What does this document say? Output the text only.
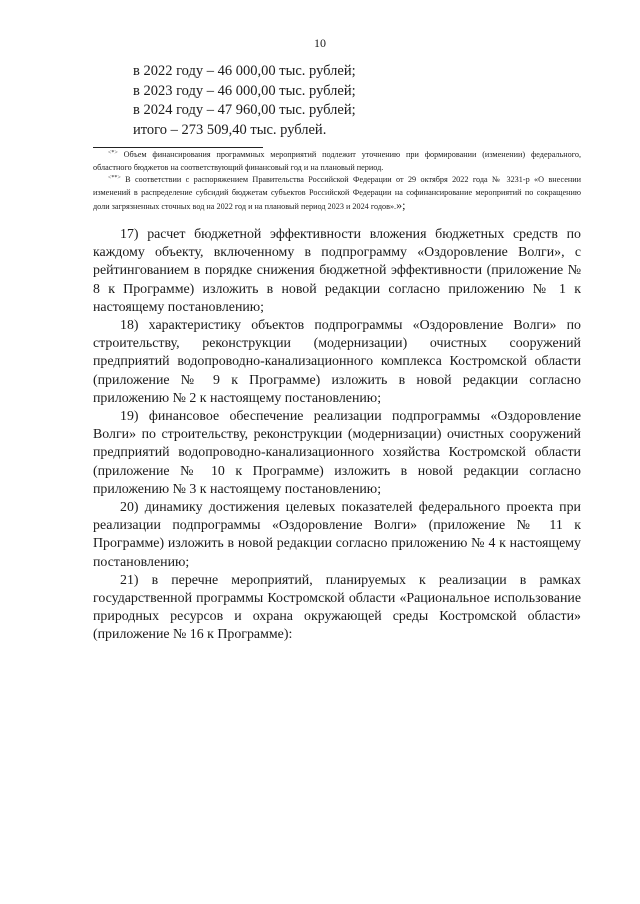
10
в 2022 году – 46 000,00 тыс. рублей;
в 2023 году – 46 000,00 тыс. рублей;
в 2024 году – 47 960,00 тыс. рублей;
итого – 273 509,40 тыс. рублей.

<*> Объем финансирования программных мероприятий подлежит уточнению при формировании (изменении) федерального, областного бюджетов на соответствующий финансовый год и на плановый период.

<**> В соответствии с распоряжением Правительства Российской Федерации от 29 октября 2022 года № 3231-р «О внесении изменений в распределение субсидий бюджетам субъектов Российской Федерации на софинансирование мероприятий по сокращению доли загрязненных сточных вод на 2022 год и на плановый период 2023 и 2024 годов».»;

17) расчет бюджетной эффективности вложения бюджетных средств по каждому объекту, включенному в подпрограмму «Оздоровление Волги», с рейтингованием в порядке снижения бюджетной эффективности (приложение № 8 к Программе) изложить в новой редакции согласно приложению № 1 к настоящему постановлению;

18) характеристику объектов подпрограммы «Оздоровление Волги» по строительству, реконструкции (модернизации) очистных сооружений предприятий водопроводно-канализационного комплекса Костромской области (приложение № 9 к Программе) изложить в новой редакции согласно приложению № 2 к настоящему постановлению;

19) финансовое обеспечение реализации подпрограммы «Оздоровление Волги» по строительству, реконструкции (модернизации) очистных сооружений предприятий водопроводно-канализационного хозяйства Костромской области (приложение № 10 к Программе) изложить в новой редакции согласно приложению № 3 к настоящему постановлению;

20) динамику достижения целевых показателей федерального проекта при реализации подпрограммы «Оздоровление Волги» (приложение № 11 к Программе) изложить в новой редакции согласно приложению № 4 к настоящему постановлению;

21) в перечне мероприятий, планируемых к реализации в рамках государственной программы Костромской области «Рациональное использование природных ресурсов и охрана окружающей среды Костромской области» (приложение № 16 к Программе):
